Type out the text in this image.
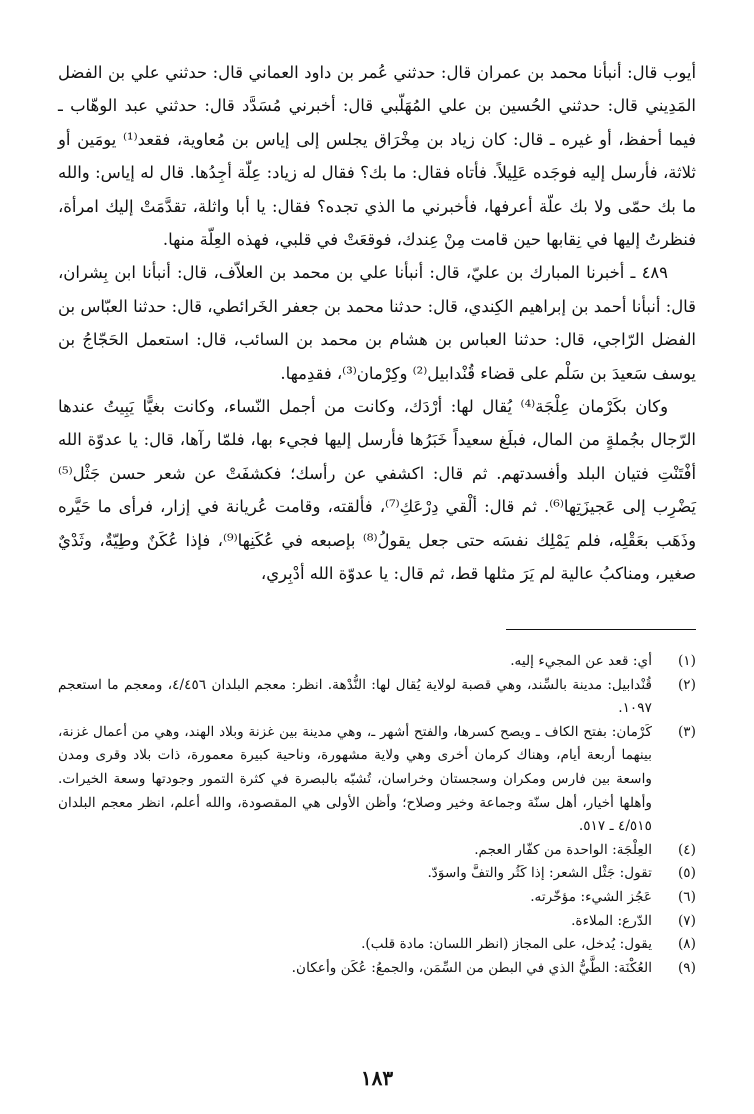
أيوب قال: أنبأنا محمد بن عمران قال: حدثني عُمر بن داود العماني قال: حدثني علي بن الفضل المَدِيني قال: حدثني الحُسين بن علي المُهَلّبي قال: أخبرني مُسَدَّد قال: حدثني عبد الوهّاب ـ فيما أحفظ، أو غيره ـ قال: كان زياد بن مِخْرَاق يجلس إلى إياس بن مُعاوية، فقعد⁽¹⁾ يومَين أو ثلاثة، فأرسل إليه فوجَده عَلِيلاً. فأتاه فقال: ما بك؟ فقال له زياد: عِلّة أجِدُها. قال له إياس: والله ما بك حمّى ولا بك علّة أعرفها، فأخبرني ما الذي تجده؟ فقال: يا أبا واثلة، تقدَّمَتْ إليك امرأة، فنظرتُ إليها في نِقابها حين قامت مِنْ عِندك، فوقعَتْ في قلبي، فهذه العِلّة منها.

٤٨٩ ـ أخبرنا المبارك بن عليّ، قال: أنبأنا علي بن محمد بن العلاّف، قال: أنبأنا ابن بِشران، قال: أنبأنا أحمد بن إبراهيم الكِندي، قال: حدثنا محمد بن جعفر الخَرائطي، قال: حدثنا العبّاس بن الفضل الرّاجي، قال: حدثنا العباس بن هشام بن محمد بن السائب، قال: استعمل الحَجّاجُ بن يوسف سَعيدَ بن سَلْم على قضاء قُنْدابيل⁽²⁾ وكِرْمان⁽³⁾، فقدِمها.

وكان بكَرْمان عِلْجَة⁽⁴⁾ يُقال لها: أرْدَك، وكانت من أجمل النّساء، وكانت بغيًّا يَبِيتُ عندها الرّجال بجُملةٍ من المال، فبلَغ سعيداً خَبَرُها فأرسل إليها فجيء بها، فلمّا رآها، قال: يا عدوّة الله أفْتَنْتِ فتيان البلد وأفسدتهم. ثم قال: اكشفي عن رأسك؛ فكشفَتْ عن شعر حسن جَثْل⁽⁵⁾ يَضْرِب إلى عَجيزَتِها⁽⁶⁾. ثم قال: ألْقي دِرْعَكِ⁽⁷⁾، فألقته، وقامت عُريانة في إزار، فرأى ما حَيَّره وذَهَب بعَقْلِه، فلم يَمْلِك نفسَه حتى جعل يقولُ⁽⁸⁾ بإصبعه في عُكَنِها⁽⁹⁾، فإذا عُكَنٌ وطِيّةٌ، وثَدْيٌ صغير، ومناكبُ عالية لم يَرَ مثلها قط، ثم قال: يا عدوّة الله أدْبِري،

(١)
أي: قعد عن المجيء إليه.
(٢)
قُنْدابيل: مدينة بالسِّند، وهي قصبة لولاية يُقال لها: النُّدْهة. انظر: معجم البلدان ٤/٤٥٦، ومعجم ما استعجم ١٠٩٧.
(٣)
كَرْمان: بفتح الكاف ـ ويصح كسرها، والفتح أشهر ـ، وهي مدينة بين غزنة وبلاد الهند، وهي من أعمال غزنة، بينهما أربعة أيام، وهناك كرمان أخرى وهي ولاية مشهورة، وناحية كبيرة معمورة، ذات بلاد وقرى ومدن واسعة بين فارس ومكران وسجستان وخراسان، تُشبّه بالبصرة في كثرة التمور وجودتها وسعة الخيرات. وأهلها أخيار، أهل سنّة وجماعة وخير وصلاح؛ وأظن الأولى هي المقصودة، والله أعلم، انظر معجم البلدان ٤/٥١٥ ـ ٥١٧.
(٤)
العِلْجَة: الواحدة من كفّار العجم.
(٥)
تقول: جَثْل الشعر: إذا كَثُر والتفَّ واسوَدّ.
(٦)
عَجُز الشيء: مؤخّرته.
(٧)
الدّرع: الملاءة.
(٨)
يقول: يُدخل، على المجاز (انظر اللسان: مادة قلب).
(٩)
العُكْنَة: الطَّيُّ الذي في البطن من السِّمَن، والجمعُ: عُكَن وأعكان.
١٨٣
